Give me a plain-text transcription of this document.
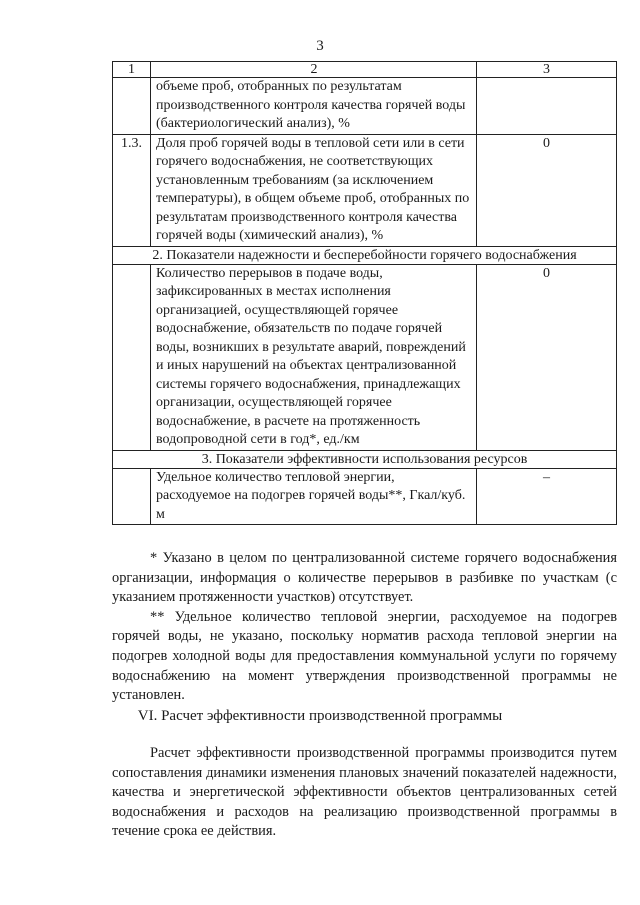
3
1	2	3
	объеме проб, отобранных по результатам производственного контроля качества горячей воды (бактериологический анализ), %	
1.3.	Доля проб горячей воды в тепловой сети или в сети горячего водоснабжения, не соответствующих установленным требованиям (за исключением температуры), в общем объеме проб, отобранных по результатам производственного контроля качества горячей воды (химический анализ), %	0
2. Показатели надежности и бесперебойности горячего водоснабжения		
	Количество перерывов в подаче воды, зафиксированных в местах исполнения организацией, осуществляющей горячее водоснабжение, обязательств по подаче горячей воды, возникших в результате аварий, повреждений и иных нарушений на объектах централизованной системы горячего водоснабжения, принадлежащих организации, осуществляющей горячее водоснабжение, в расчете на протяженность водопроводной сети в год*, ед./км	0
3. Показатели эффективности использования ресурсов		
	Удельное количество тепловой энергии, расходуемое на подогрев горячей воды**, Гкал/куб. м	–

* Указано в целом по централизованной системе горячего водоснабжения организации, информация о количестве перерывов в разбивке по участкам (с указанием протяженности участков) отсутствует.

** Удельное количество тепловой энергии, расходуемое на подогрев горячей воды, не указано, поскольку норматив расхода тепловой энергии на подогрев холодной воды для предоставления коммунальной услуги по горячему водоснабжению на момент утверждения производственной программы не установлен.

VI. Расчет эффективности производственной программы

Расчет эффективности производственной программы производится путем сопоставления динамики изменения плановых значений показателей надежности, качества и энергетической эффективности объектов централизованных сетей водоснабжения и расходов на реализацию производственной программы в течение срока ее действия.
